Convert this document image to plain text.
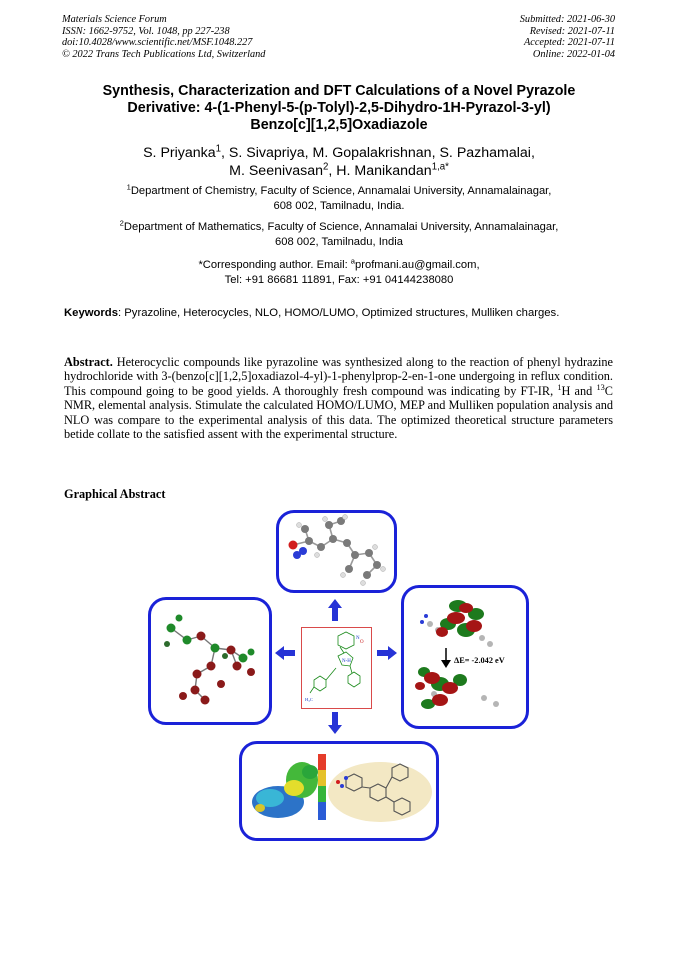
Materials Science Forum
ISSN: 1662-9752, Vol. 1048, pp 227-238
doi:10.4028/www.scientific.net/MSF.1048.227
© 2022 Trans Tech Publications Ltd, Switzerland
Submitted: 2021-06-30
Revised: 2021-07-11
Accepted: 2021-07-11
Online: 2022-01-04
Synthesis, Characterization and DFT Calculations of a Novel Pyrazole
Derivative: 4-(1-Phenyl-5-(p-Tolyl)-2,5-Dihydro-1H-Pyrazol-3-yl)
Benzo[c][1,2,5]Oxadiazole
S. Priyanka$^1$, S. Sivapriya, M. Gopalakrishnan, S. Pazhamalai,
M. Seenivasan$^2$, H. Manikandan$^{1,a*}$
$^1$Department of Chemistry, Faculty of Science, Annamalai University, Annamalainagar,
608 002, Tamilnadu, India.
$^2$Department of Mathematics, Faculty of Science, Annamalai University, Annamalainagar,
608 002, Tamilnadu, India
*Corresponding author. Email: $^a$profmani.au@gmail.com,
Tel: +91 86681 11891, Fax: +91 04144238080
Keywords: Pyrazoline, Heterocycles, NLO, HOMO/LUMO, Optimized structures, Mulliken charges.
Abstract. Heterocyclic compounds like pyrazoline was synthesized along to the reaction of phenyl hydrazine hydrochloride with 3-(benzo[c][1,2,5]oxadiazol-4-yl)-1-phenylprop-2-en-1-one undergoing in reflux condition. This compound going to be good yields. A thoroughly fresh compound was indicating by FT-IR, $^1$H and $^{13}$C NMR, elemental analysis. Stimulate the calculated HOMO/LUMO, MEP and Mulliken population analysis and NLO was compare to the experimental analysis of this data. The optimized theoretical structure parameters betide collate to the satisfied assent with the experimental structure.
Graphical Abstract
N
O
N-H
H₃C
ΔE= -2.042 eV
